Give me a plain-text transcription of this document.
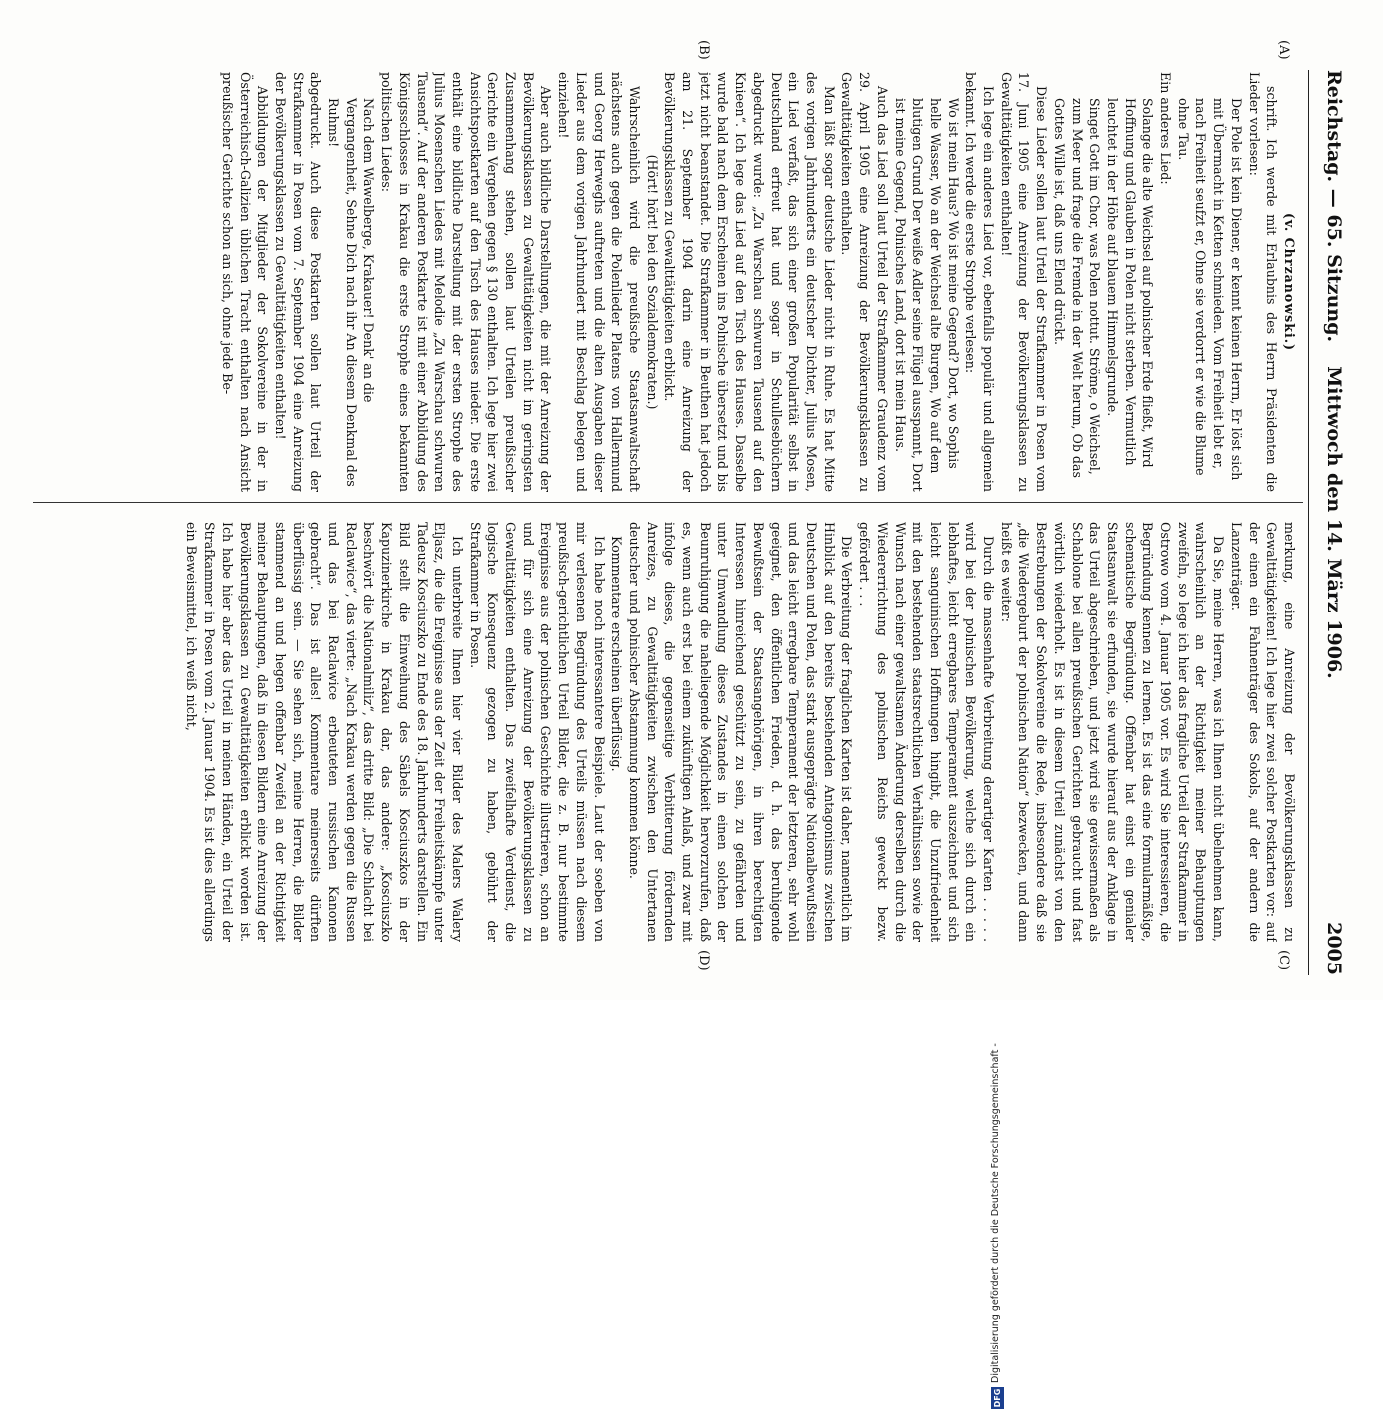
Reichstag. — 65. Sitzung.
Mittwoch den 14. März 1906.
2005
(A)
(B)
(C)
(D)

(v. Chrzanowski.)

schrift. Ich werde mit Erlaubnis des Herrn Präsidenten die Lieder vorlesen:

Der Pole ist kein Diener, er kennt keinen Herrn, Er löst sich mit Übermacht in Ketten schmieden. Vom Freiheit lebt er, nach Freiheit seufzt er, Ohne sie verdorrt er wie die Blume ohne Tau.

Ein anderes Lied:

Solange die alte Weichsel auf polnischer Erde fließt, Wird Hoffnung und Glauben in Polen nicht sterben. Vermutlich leuchtet in der Höhe auf blauem Himmelsgrunde.

Singet Gott im Chor, was Polen nottut. Ströme, o Weichsel, zum Meer und frage die Fremde in der Welt herum, Ob das Gottes Wille ist, daß uns Elend drückt.

Diese Lieder sollen laut Urteil der Strafkammer in Posen vom 17. Juni 1905 eine Anreizung der Bevölkerungsklassen zu Gewalttätigkeiten enthalten!

Ich lege ein anderes Lied vor, ebenfalls populär und allgemein bekannt. Ich werde die erste Strophe verlesen:

Wo ist mein Haus? Wo ist meine Gegend? Dort, wo Sophis helle Wasser, Wo an der Weichsel alte Burgen, Wo auf dem blutigen Grund Der weiße Adler seine Flügel ausspannt, Dort ist meine Gegend, Polnisches Land, dort ist mein Haus.

Auch das Lied soll laut Urteil der Strafkammer Graudenz vom 29. April 1905 eine Anreizung der Bevölkerungsklassen zu Gewalttätigkeiten enthalten.

Man läßt sogar deutsche Lieder nicht in Ruhe. Es hat Mitte des vorigen Jahrhunderts ein deutscher Dichter, Julius Mosen, ein Lied verfaßt, das sich einer großen Popularität selbst in Deutschland erfreut hat und sogar in Schullesebüchern abgedruckt wurde: „Zu Warschau schwuren Tausend auf den Knieen“. Ich lege das Lied auf den Tisch des Hauses. Dasselbe wurde bald nach dem Erscheinen ins Polnische übersetzt und bis jetzt nicht beanstandet. Die Strafkammer in Beuthen hat jedoch am 21. September 1904 darin eine Anreizung der Bevölkerungsklassen zu Gewalttätigkeiten erblickt.

(Hört! hört! bei den Sozialdemokraten.)

Wahrscheinlich wird die preußische Staatsanwaltschaft nächstens auch gegen die Polenlieder Platens von Hallermund und Georg Herweghs auftreten und die alten Ausgaben dieser Lieder aus dem vorigen Jahrhundert mit Beschlag belegen und einziehen!

Aber auch bildliche Darstellungen, die mit der Anreizung der Bevölkerungsklassen zu Gewalttätigkeiten nicht im geringsten Zusammenhang stehen, sollen laut Urteilen preußischer Gerichte ein Vergehen gegen § 130 enthalten. Ich lege hier zwei Ansichtspostkarten auf den Tisch des Hauses nieder. Die erste enthält eine bildliche Darstellung mit der ersten Strophe des Julius Mosenschen Liedes mit Melodie „Zu Warschau schwuren Tausend“. Auf der anderen Postkarte ist mit einer Abbildung des Königsschlosses in Krakau die erste Strophe eines bekannten politischen Liedes:

Nach dem Wawelberge, Krakauer! Denk' an die Vergangenheit, Sehne Dich nach ihr An diesem Denkmal des Ruhms!

abgedruckt. Auch diese Postkarten sollen laut Urteil der Strafkammer in Posen vom 7. September 1904 eine Anreizung der Bevölkerungsklassen zu Gewalttätigkeiten enthalten!

Abbildungen der Mitglieder der Sokolvereine in der in Österreichisch-Galizien üblichen Tracht enthalten nach Ansicht preußischer Gerichte schon an sich, ohne jede Be-

merkung, eine Anreizung der Bevölkerungsklassen zu Gewalttätigkeiten! Ich lege hier zwei solcher Postkarten vor: auf der einen ein Fahnenträger des Sokols, auf der andern die Lanzenträger.

Da Sie, meine Herren, was ich Ihnen nicht übelnehmen kann, wahrscheinlich an der Richtigkeit meiner Behauptungen zweifeln, so lege ich hier das fragliche Urteil der Strafkammer in Ostrowo vom 4. Januar 1905 vor. Es wird Sie interessieren, die Begründung kennen zu lernen. Es ist das eine formularmäßige, schematische Begründung. Offenbar hat einst ein genialer Staatsanwalt sie erfunden, sie wurde hierauf aus der Anklage in das Urteil abgeschrieben, und jetzt wird sie gewissermaßen als Schablone bei allen preußischen Gerichten gebraucht und fast wörtlich wiederholt. Es ist in diesem Urteil zunächst von den Bestrebungen der Sokolvereine die Rede, insbesondere daß sie „die Wiedergeburt der polnischen Nation“ bezwecken, und dann heißt es weiter:

Durch die massenhafte Verbreitung derartiger Karten . . . . . wird bei der polnischen Bevölkerung, welche sich durch ein lebhaftes, leicht erregbares Temperament auszeichnet und sich leicht sanguinischen Hoffnungen hingibt, die Unzufriedenheit mit den bestehenden staatsrechtlichen Verhältnissen sowie der Wunsch nach einer gewaltsamen Änderung derselben durch die Wiedererrichtung des polnischen Reichs geweckt bezw. gefördert . . .

Die Verbreitung der fraglichen Karten ist daher, namentlich im Hinblick auf den bereits bestehenden Antagonismus zwischen Deutschen und Polen, das stark ausgeprägte Nationalbewußtsein und das leicht erregbare Temperament der letzteren, sehr wohl geeignet, den öffentlichen Frieden, d. h. das beruhigende Bewußtsein der Staatsangehörigen, in ihren berechtigten Interessen hinreichend geschützt zu sein, zu gefährden und unter Umwandlung dieses Zustandes in einen solchen der Beunruhigung die naheliegende Möglichkeit hervorzurufen, daß es, wenn auch erst bei einem zukünftigen Anlaß, und zwar mit infolge dieses, die gegenseitige Verbitterung fördernden Anreizes, zu Gewalttätigkeiten zwischen den Untertanen deutscher und polnischer Abstammung kommen könne.

Kommentare erscheinen überflüssig.

Ich habe noch interessantere Beispiele. Laut der soeben von mir verlesenen Begründung des Urteils müssen nach diesem preußisch-gerichtlichen Urteil Bilder, die z. B. nur bestimmte Ereignisse aus der polnischen Geschichte illustrieren, schon an und für sich eine Anreizung der Bevölkerungsklassen zu Gewalttätigkeiten enthalten. Das zweifelhafte Verdienst, die logische Konsequenz gezogen zu haben, gebührt der Strafkammer in Posen.

Ich unterbreite Ihnen hier vier Bilder des Malers Walery Eljasz, die die Ereignisse aus der Zeit der Freiheitskämpfe unter Tadeusz Kosciuszko zu Ende des 18. Jahrhunderts darstellen. Ein Bild stellt die Einweihung des Säbels Kosciuszkos in der Kapuzinerkirche in Krakau dar, das andere: „Kosciuszko beschwört die Nationalmiliz“, das dritte Bild: „Die Schlacht bei Raclawice“, das vierte: „Nach Krakau werden gegen die Russen und das bei Raclawice erbeuteten russischen Kanonen gebracht“. Das ist alles! Kommentare meinerseits dürften überflüssig sein. — Sie sehen sich, meine Herren, die Bilder stammend an und hegen offenbar Zweifel an der Richtigkeit meiner Behauptungen, daß in diesen Bildern eine Anreizung der Bevölkerungsklassen zu Gewalttätigkeiten erblickt worden ist. Ich habe hier aber das Urteil in meinen Händen, ein Urteil der Strafkammer in Posen vom 2. Januar 1904. Es ist dies allerdings ein Beweismittel, ich weiß nicht,

Digitalisierung gefördert durch die Deutsche Forschungsgemeinschaft -
DFG
